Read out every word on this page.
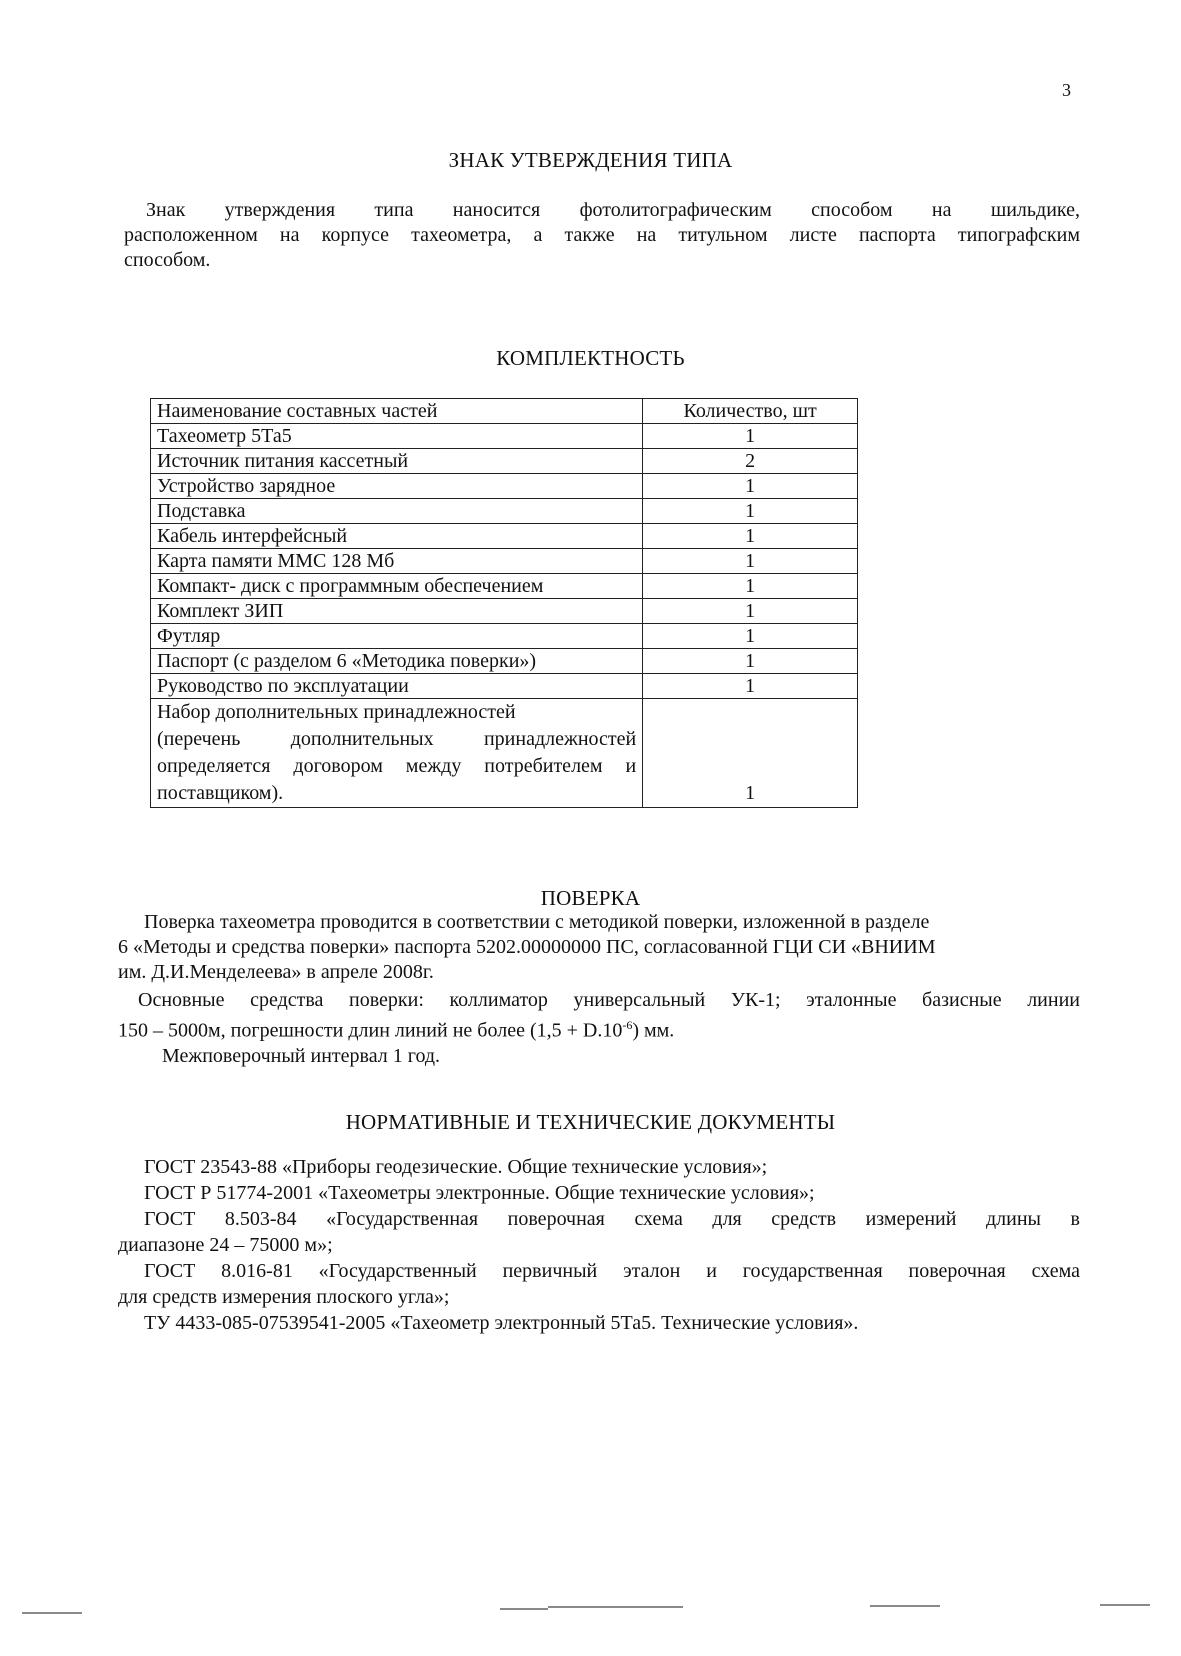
3
ЗНАК УТВЕРЖДЕНИЯ ТИПА
Знак утверждения типа наносится фотолитографическим способом на шильдике,
расположенном на корпусе тахеометра, а также на титульном листе паспорта типографским
способом.
КОМПЛЕКТНОСТЬ
Наименование составных частей	Количество, шт
Тахеометр 5Та5	1
Источник питания кассетный	2
Устройство зарядное	1
Подставка	1
Кабель интерфейсный	1
Карта памяти ММС 128 Мб	1
Компакт- диск с программным обеспечением	1
Комплект ЗИП	1
Футляр	1
Паспорт (с разделом 6 «Методика поверки»)	1
Руководство по эксплуатации	1

Набор дополнительных принадлежностей
(перечень дополнительных принадлежностей
определяется договором между потребителем и
поставщиком).	1
ПОВЕРКА
Поверка тахеометра проводится в соответствии с методикой поверки, изложенной в разделе
6 «Методы и средства поверки» паспорта 5202.00000000 ПС, согласованной ГЦИ СИ «ВНИИМ
им. Д.И.Менделеева» в апреле 2008г.
Основные средства поверки: коллиматор универсальный УК-1; эталонные базисные линии
150 – 5000м, погрешности длин линий не более $(1,5 + D.10^{-6})$ мм.
Межповерочный интервал 1 год.
НОРМАТИВНЫЕ И ТЕХНИЧЕСКИЕ ДОКУМЕНТЫ
ГОСТ 23543-88 «Приборы геодезические. Общие технические условия»;
ГОСТ Р 51774-2001 «Тахеометры электронные. Общие технические условия»;
ГОСТ 8.503-84 «Государственная поверочная схема для средств измерений длины в
диапазоне 24 – 75000 м»;
ГОСТ 8.016-81 «Государственный первичный эталон и государственная поверочная схема
для средств измерения плоского угла»;
ТУ 4433-085-07539541-2005 «Тахеометр электронный 5Та5. Технические условия».
